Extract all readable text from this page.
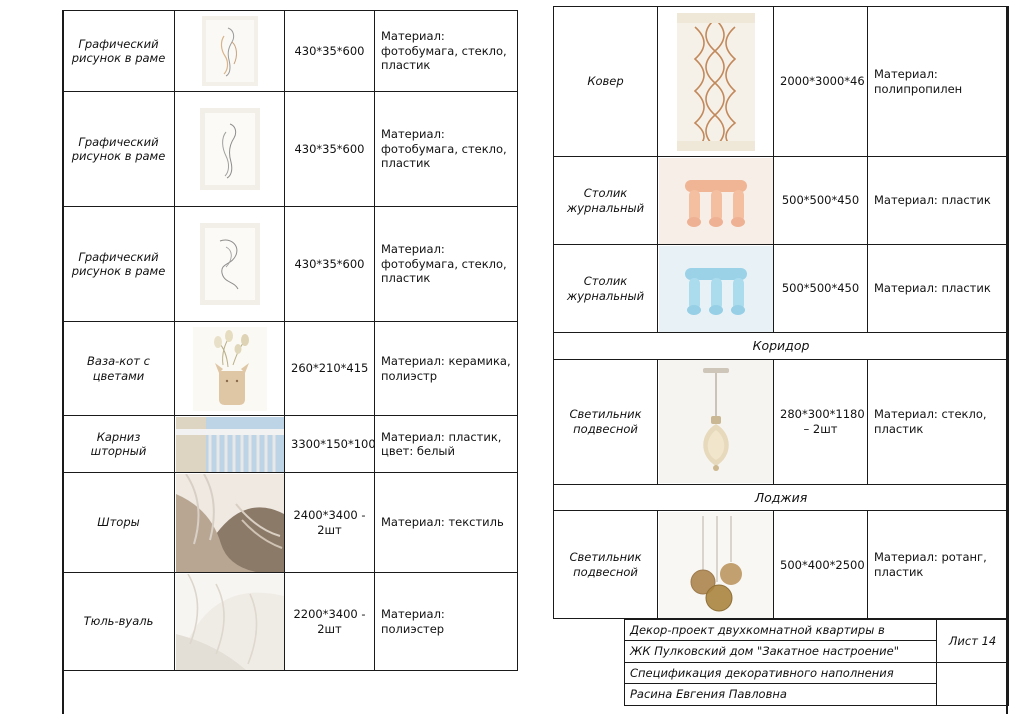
Графический рисунок в раме		430*35*600	Материал: фотобумага, стекло, пластик
Графический рисунок в раме		430*35*600	Материал: фотобумага, стекло, пластик
Графический рисунок в раме		430*35*600	Материал: фотобумага, стекло, пластик
Ваза-кот с цветами		260*210*415	Материал: керамика, полиэстр
Карниз шторный		3300*150*100	Материал: пластик, цвет: белый
Шторы		2400*3400 - 2шт	Материал: текстиль
Тюль-вуаль		2200*3400 - 2шт	Материал: полиэстер
Ковер		2000*3000*46	Материал: полипропилен
Столик журнальный		500*500*450	Материал: пластик
Столик журнальный		500*500*450	Материал: пластик
Коридор			
Светильник подвесной		280*300*1180 – 2шт	Материал: стекло, пластик
Лоджия			
Светильник подвесной		500*400*2500	Материал: ротанг, пластик
Декор-проект двухкомнатной квартиры в	Лист 14
ЖК Пулковский дом "Закатное настроение"	
Спецификация декоративного наполнения	
Расина Евгения Павловна	
